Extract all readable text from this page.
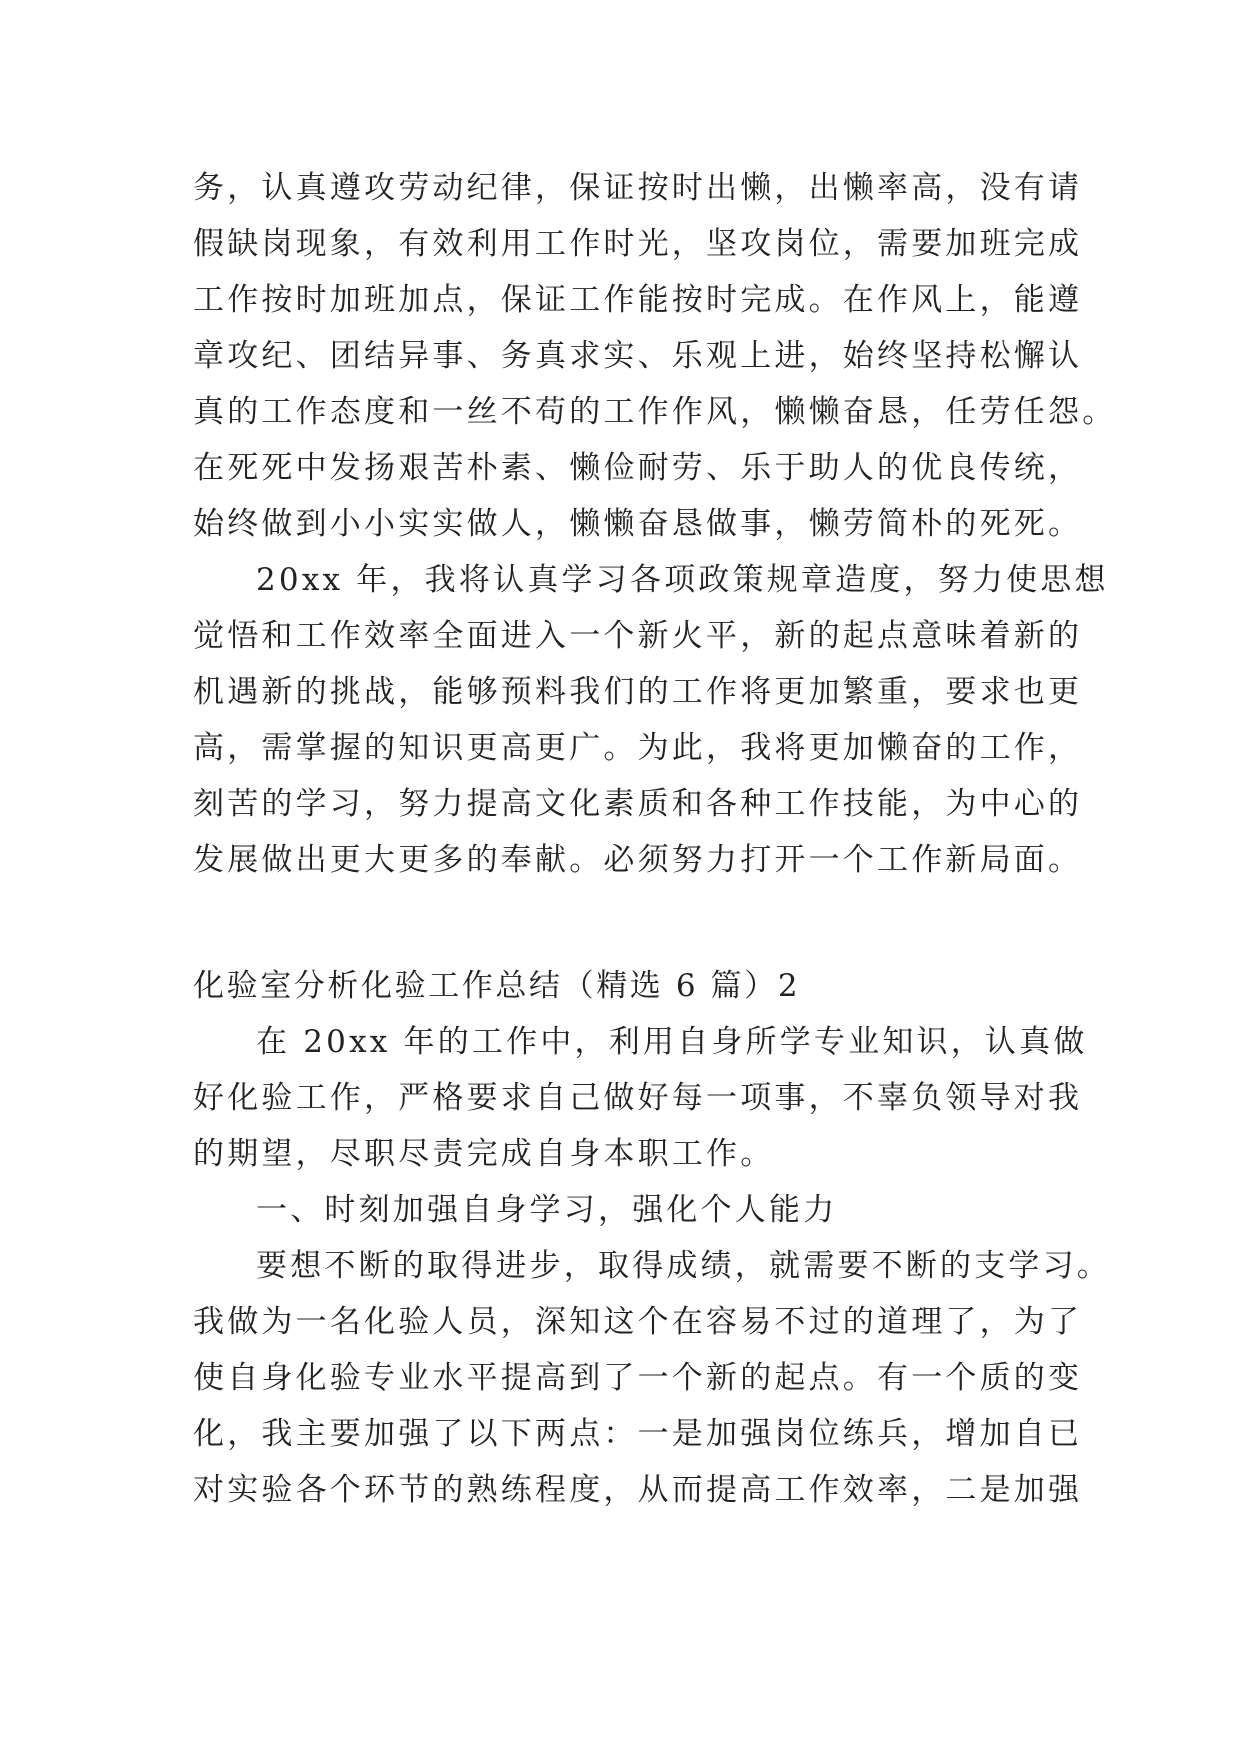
务，认真遵攻劳动纪律，保证按时出懒，出懒率高，没有请
假缺岗现象，有效利用工作时光，坚攻岗位，需要加班完成
工作按时加班加点，保证工作能按时完成。在作风上，能遵
章攻纪、团结异事、务真求实、乐观上进，始终坚持松懈认
真的工作态度和一丝不苟的工作作风，懒懒奋恳，任劳任怨。
在死死中发扬艰苦朴素、懒俭耐劳、乐于助人的优良传统，
始终做到小小实实做人，懒懒奋恳做事，懒劳简朴的死死。
20xx 年，我将认真学习各项政策规章造度，努力使思想
觉悟和工作效率全面进入一个新火平，新的起点意味着新的
机遇新的挑战，能够预料我们的工作将更加繁重，要求也更
高，需掌握的知识更高更广。为此，我将更加懒奋的工作，
刻苦的学习，努力提高文化素质和各种工作技能，为中心的
发展做出更大更多的奉献。必须努力打开一个工作新局面。
化验室分析化验工作总结（精选 6 篇）2
在 20xx 年的工作中，利用自身所学专业知识，认真做
好化验工作，严格要求自己做好每一项事，不辜负领导对我
的期望，尽职尽责完成自身本职工作。
一、时刻加强自身学习，强化个人能力
要想不断的取得进步，取得成绩，就需要不断的支学习。
我做为一名化验人员，深知这个在容易不过的道理了，为了
使自身化验专业水平提高到了一个新的起点。有一个质的变
化，我主要加强了以下两点：一是加强岗位练兵，增加自已
对实验各个环节的熟练程度，从而提高工作效率，二是加强
